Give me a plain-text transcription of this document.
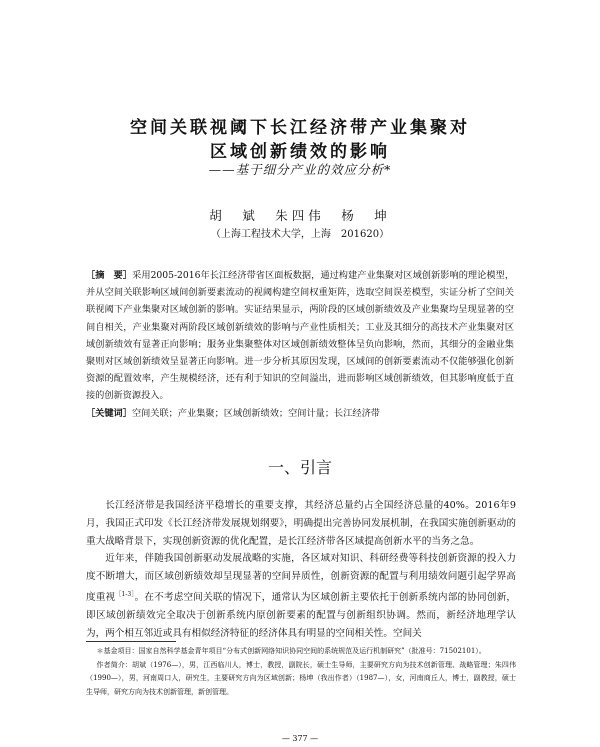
空间关联视阈下长江经济带产业集聚对
区域创新绩效的影响
——基于细分产业的效应分析*
胡　斌　朱四伟　杨　坤
（上海工程技术大学，上海　201620）
［摘　要］采用2005-2016年长江经济带省区面板数据，通过构建产业集聚对区域创新影响的理论模型，并从空间关联影响区域间创新要素流动的视阈构建空间权重矩阵，选取空间误差模型，实证分析了空间关联视阈下产业集聚对区域创新的影响。实证结果显示，两阶段的区域创新绩效及产业集聚均呈现显著的空间自相关，产业集聚对两阶段区域创新绩效的影响与产业性质相关；工业及其细分的高技术产业集聚对区域创新绩效有显著正向影响；服务业集聚整体对区域创新绩效整体呈负向影响，然而，其细分的金融业集聚则对区域创新绩效呈显著正向影响。进一步分析其原因发现，区域间的创新要素流动不仅能够强化创新资源的配置效率，产生规模经济，还有利于知识的空间溢出，进而影响区域创新绩效，但其影响度低于直接的创新资源投入。
［关键词］空间关联；产业集聚；区域创新绩效；空间计量；长江经济带
一、引言

长江经济带是我国经济平稳增长的重要支撑，其经济总量约占全国经济总量的40%。2016年9月，我国正式印发《长江经济带发展规划纲要》，明确提出完善协同发展机制，在我国实施创新驱动的重大战略背景下，实现创新资源的优化配置，是长江经济带各区域提高创新水平的当务之急。

近年来，伴随我国创新驱动发展战略的实施，各区域对知识、科研经费等科技创新资源的投入力度不断增大，而区域创新绩效却呈现显著的空间异质性，创新资源的配置与利用绩效问题引起学界高度重视$^{[1-3]}$。在不考虑空间关联的情况下，通常认为区域创新主要依托于创新系统内部的协同创新，即区域创新绩效完全取决于创新系统内原创新要素的配置与创新组织协调。然而，新经济地理学认为，两个相互邻近或具有相似经济特征的经济体具有明显的空间相关性。空间关

＊基金项目：国家自然科学基金青年项目“分布式创新网络知识协同空间的系统规范及运行机制研究”（批准号：71502101）。

作者简介：胡斌（1976—），男，江西临川人，博士，教授，副院长，硕士生导师，主要研究方向为技术创新管理、战略管理；朱四伟（1990—），男，河南周口人，研究生，主要研究方向为区域创新；杨坤（我出作者）（1987—），女，河南商丘人，博士，副教授，硕士生导师，研究方向为技术创新管理，新创管理。

— 377 —
